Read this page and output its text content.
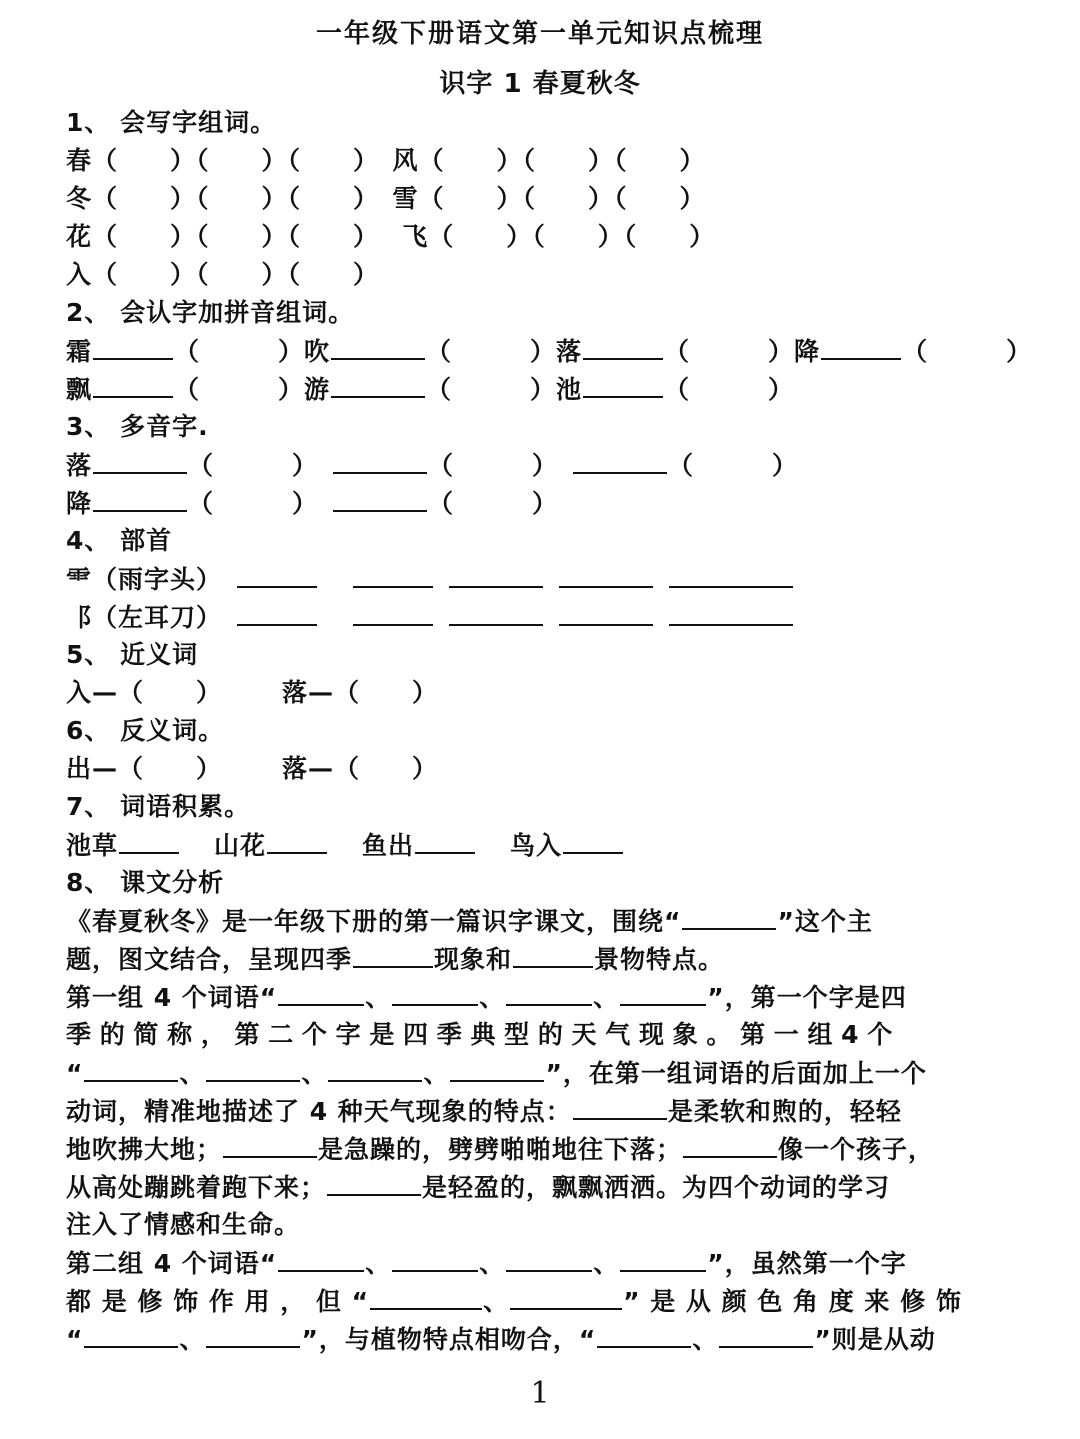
一年级下册语文第一单元知识点梳理
识字 1 春夏秋冬
1、 会写字组词。
春（　　）（　　）（　　）　风（　　）（　　）（　　）
冬（　　）（　　）（　　）　雪（　　）（　　）（　　）
花（　　）（　　）（　　）　 飞（　　）（　　）（　　）
入（　　）（　　）（　　）
2、 会认字加拼音组词。
霜	（　　　）吹	（　　　）落	（　　　）降	（　　　）
飘	（　　　）游	（　　　）池	（　　　）
3、 多音字.
落	（　　　）	（　　　）	（　　　）
降	（　　　）	（　　　）
4、 部首
⻗（雨字头）
⻏（左耳刀）
5、 近义词
入—（　　） 落—（　　）
6、 反义词。
出—（　　） 落—（　　）
7、 词语积累。
池草	山花	鱼出	鸟入
8、 课文分析
《春夏秋冬》是一年级下册的第一篇识字课文，围绕“	”这个主
题，图文结合，呈现四季	现象和	景物特点。
第一组 4 个词语“	、	、	、	”，第一个字是四
季 的 简 称 ， 第 二 个 字 是 四 季 典 型 的 天 气 现 象 。 第 一 组 4 个
“	、	、	、	”，在第一组词语的后面加上一个
动词，精准地描述了 4 种天气现象的特点：	是柔软和煦的，轻轻
地吹拂大地；	是急躁的，劈劈啪啪地往下落；	像一个孩子，
从高处蹦跳着跑下来；	是轻盈的，飘飘洒洒。为四个动词的学习
注入了情感和生命。
第二组 4 个词语“	、	、	、	”，虽然第一个字
都 是 修 饰 作 用 ， 但 “	、	” 是 从 颜 色 角 度 来 修 饰
“	、	”，与植物特点相吻合，“	、	”则是从动
1
